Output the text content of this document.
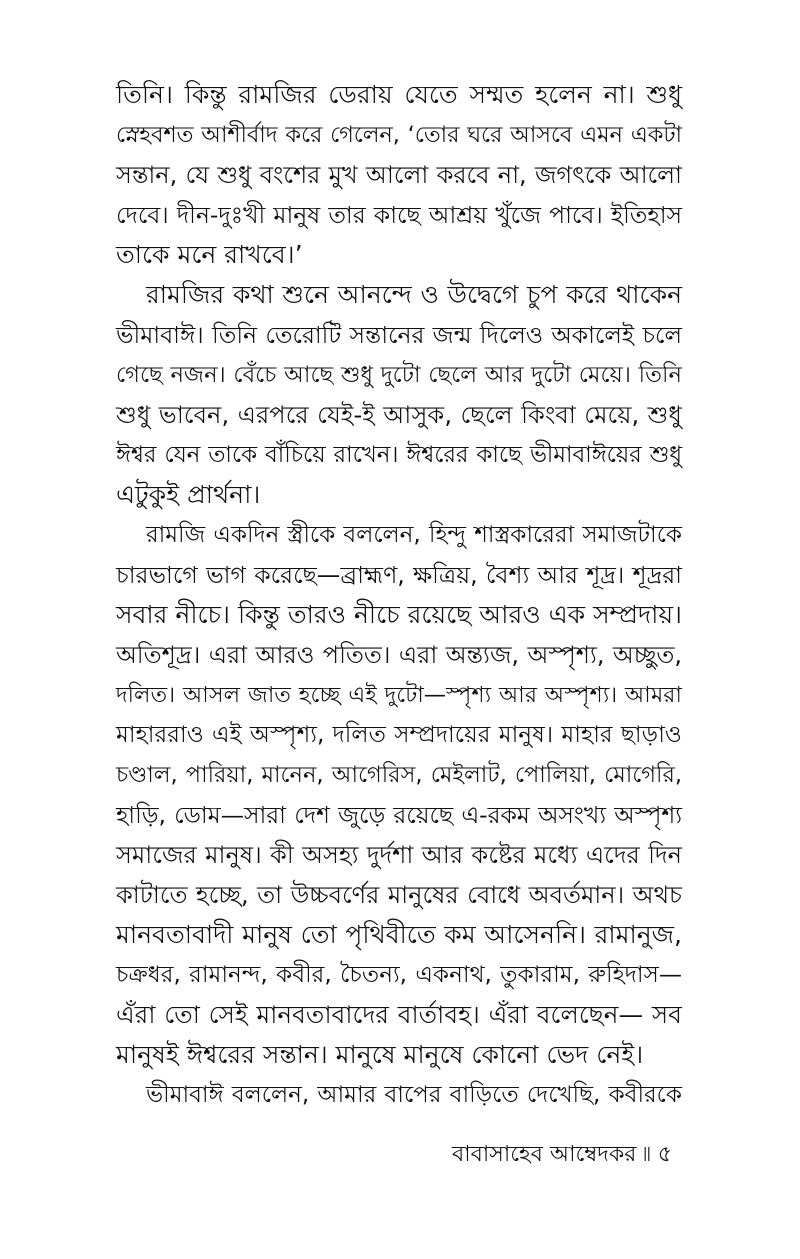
তিনি। কিন্তু রামজির ডেরায় যেতে সম্মত হলেন না। শুধু
স্নেহবশত আশীর্বাদ করে গেলেন, ‘তোর ঘরে আসবে এমন একটা
সন্তান, যে শুধু বংশের মুখ আলো করবে না, জগৎকে আলো
দেবে। দীন-দুঃখী মানুষ তার কাছে আশ্রয় খুঁজে পাবে। ইতিহাস
তাকে মনে রাখবে।’
রামজির কথা শুনে আনন্দে ও উদ্বেগে চুপ করে থাকেন
ভীমাবাঈ। তিনি তেরোটি সন্তানের জন্ম দিলেও অকালেই চলে
গেছে নজন। বেঁচে আছে শুধু দুটো ছেলে আর দুটো মেয়ে। তিনি
শুধু ভাবেন, এরপরে যেই-ই আসুক, ছেলে কিংবা মেয়ে, শুধু
ঈশ্বর যেন তাকে বাঁচিয়ে রাখেন। ঈশ্বরের কাছে ভীমাবাঈয়ের শুধু
এটুকুই প্রার্থনা।
রামজি একদিন স্ত্রীকে বললেন, হিন্দু শাস্ত্রকারেরা সমাজটাকে
চারভাগে ভাগ করেছে—ব্রাহ্মণ, ক্ষত্রিয়, বৈশ্য আর শূদ্র। শূদ্ররা
সবার নীচে। কিন্তু তারও নীচে রয়েছে আরও এক সম্প্রদায়।
অতিশূদ্র। এরা আরও পতিত। এরা অন্ত্যজ, অস্পৃশ্য, অচ্ছুত,
দলিত। আসল জাত হচ্ছে এই দুটো—স্পৃশ্য আর অস্পৃশ্য। আমরা
মাহাররাও এই অস্পৃশ্য, দলিত সম্প্রদায়ের মানুষ। মাহার ছাড়াও
চণ্ডাল, পারিয়া, মানেন, আগেরিস, মেইলাট, পোলিয়া, মোগেরি,
হাড়ি, ডোম—সারা দেশ জুড়ে রয়েছে এ-রকম অসংখ্য অস্পৃশ্য
সমাজের মানুষ। কী অসহ্য দুর্দশা আর কষ্টের মধ্যে এদের দিন
কাটাতে হচ্ছে, তা উচ্চবর্ণের মানুষের বোধে অবর্তমান। অথচ
মানবতাবাদী মানুষ তো পৃথিবীতে কম আসেননি। রামানুজ,
চক্রধর, রামানন্দ, কবীর, চৈতন্য, একনাথ, তুকারাম, রুহিদাস—
এঁরা তো সেই মানবতাবাদের বার্তাবহ। এঁরা বলেছেন— সব
মানুষই ঈশ্বরের সন্তান। মানুষে মানুষে কোনো ভেদ নেই।
ভীমাবাঈ বললেন, আমার বাপের বাড়িতে দেখেছি, কবীরকে
বাবাসাহেব আম্বেদকর ৷৷ ৫
